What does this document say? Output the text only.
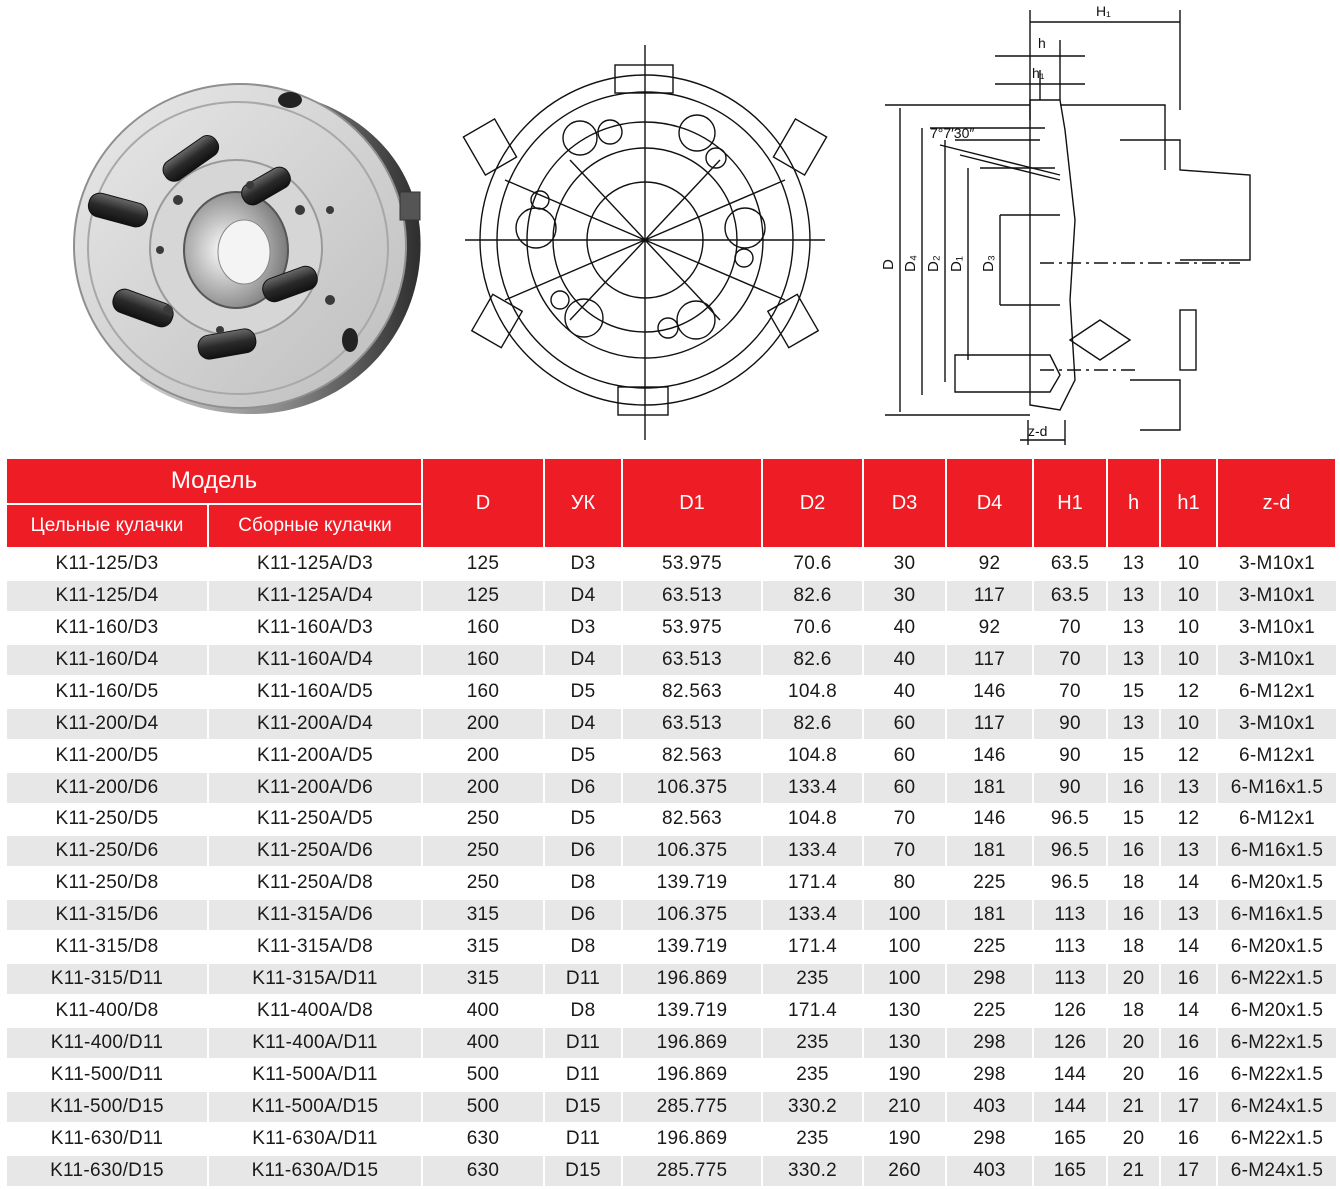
H₁
h
h₁
7°7′30″
D D₄ D₂ D₁ D₃
z-d
Модель		D	УК	D1	D2	D3	D4	H1	h	h1	z-d
Цельные кулачки	Сборные кулачки										
K11-125/D3	K11-125A/D3	125	D3	53.975	70.6	30	92	63.5	13	10	3-M10x1
K11-125/D4	K11-125A/D4	125	D4	63.513	82.6	30	117	63.5	13	10	3-M10x1
K11-160/D3	K11-160A/D3	160	D3	53.975	70.6	40	92	70	13	10	3-M10x1
K11-160/D4	K11-160A/D4	160	D4	63.513	82.6	40	117	70	13	10	3-M10x1
K11-160/D5	K11-160A/D5	160	D5	82.563	104.8	40	146	70	15	12	6-M12x1
K11-200/D4	K11-200A/D4	200	D4	63.513	82.6	60	117	90	13	10	3-M10x1
K11-200/D5	K11-200A/D5	200	D5	82.563	104.8	60	146	90	15	12	6-M12x1
K11-200/D6	K11-200A/D6	200	D6	106.375	133.4	60	181	90	16	13	6-M16x1.5
K11-250/D5	K11-250A/D5	250	D5	82.563	104.8	70	146	96.5	15	12	6-M12x1
K11-250/D6	K11-250A/D6	250	D6	106.375	133.4	70	181	96.5	16	13	6-M16x1.5
K11-250/D8	K11-250A/D8	250	D8	139.719	171.4	80	225	96.5	18	14	6-M20x1.5
K11-315/D6	K11-315A/D6	315	D6	106.375	133.4	100	181	113	16	13	6-M16x1.5
K11-315/D8	K11-315A/D8	315	D8	139.719	171.4	100	225	113	18	14	6-M20x1.5
K11-315/D11	K11-315A/D11	315	D11	196.869	235	100	298	113	20	16	6-M22x1.5
K11-400/D8	K11-400A/D8	400	D8	139.719	171.4	130	225	126	18	14	6-M20x1.5
K11-400/D11	K11-400A/D11	400	D11	196.869	235	130	298	126	20	16	6-M22x1.5
K11-500/D11	K11-500A/D11	500	D11	196.869	235	190	298	144	20	16	6-M22x1.5
K11-500/D15	K11-500A/D15	500	D15	285.775	330.2	210	403	144	21	17	6-M24x1.5
K11-630/D11	K11-630A/D11	630	D11	196.869	235	190	298	165	20	16	6-M22x1.5
K11-630/D15	K11-630A/D15	630	D15	285.775	330.2	260	403	165	21	17	6-M24x1.5
